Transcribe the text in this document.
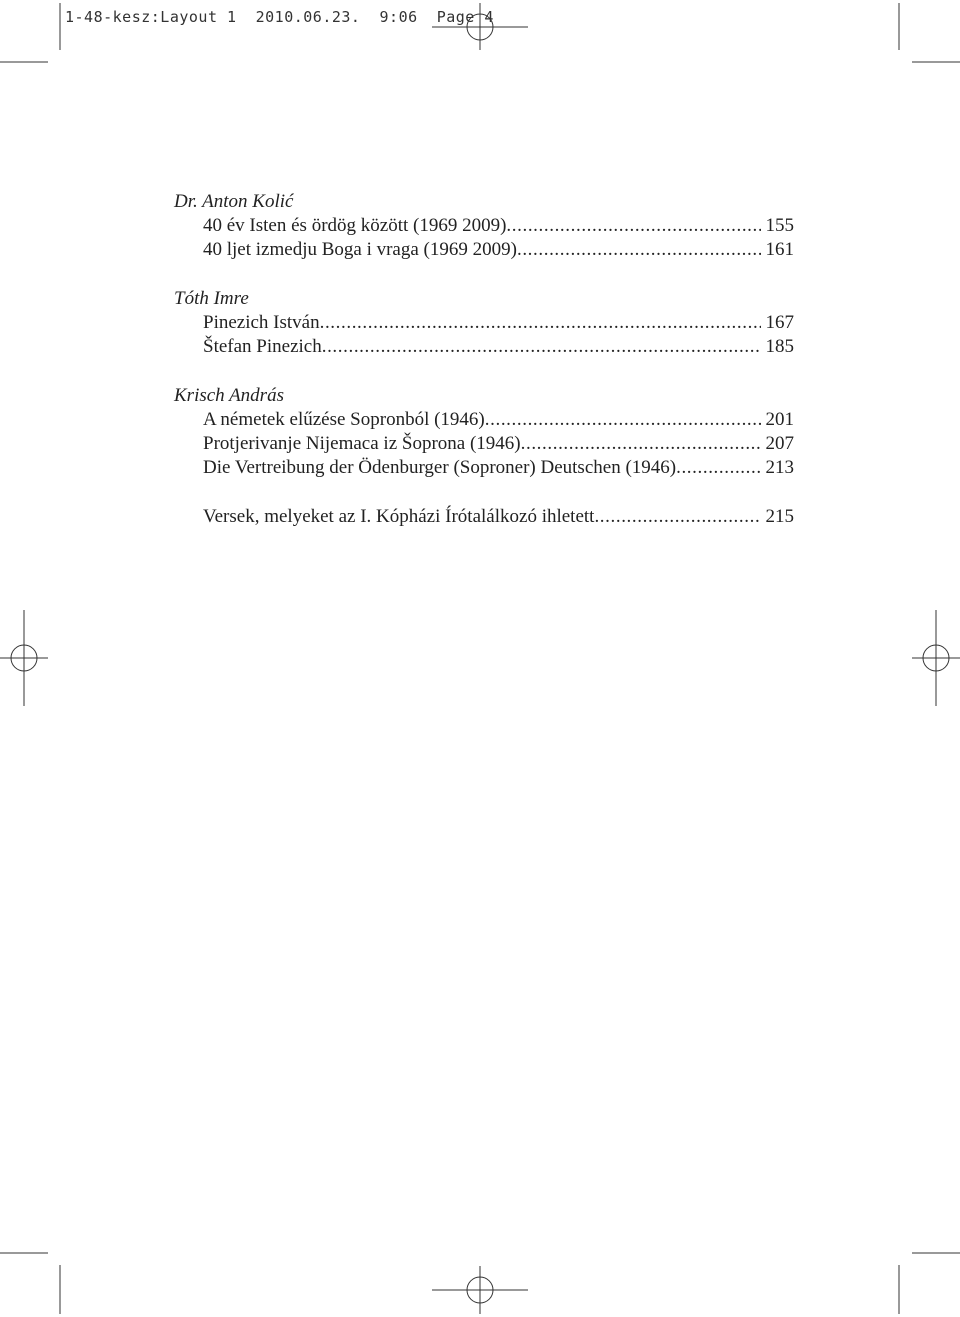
1-48-kesz:Layout 1  2010.06.23.  9:06  Page 4
Dr. Anton Kolić
40 év Isten és ördög között (1969 2009) .....	155
40 ljet izmedju Boga i vraga (1969 2009) .....	161
Tóth Imre
Pinezich István .....	167
Štefan Pinezich .....	185
Krisch András
A németek elűzése Sopronból (1946) .....	201
Protjerivanje Nijemaca iz Šoprona (1946) .....	207
Die Vertreibung der Ödenburger (Soproner) Deutschen (1946) .....	213
Versek, melyeket az I. Kópházi Írótalálkozó ihletett .....	215
